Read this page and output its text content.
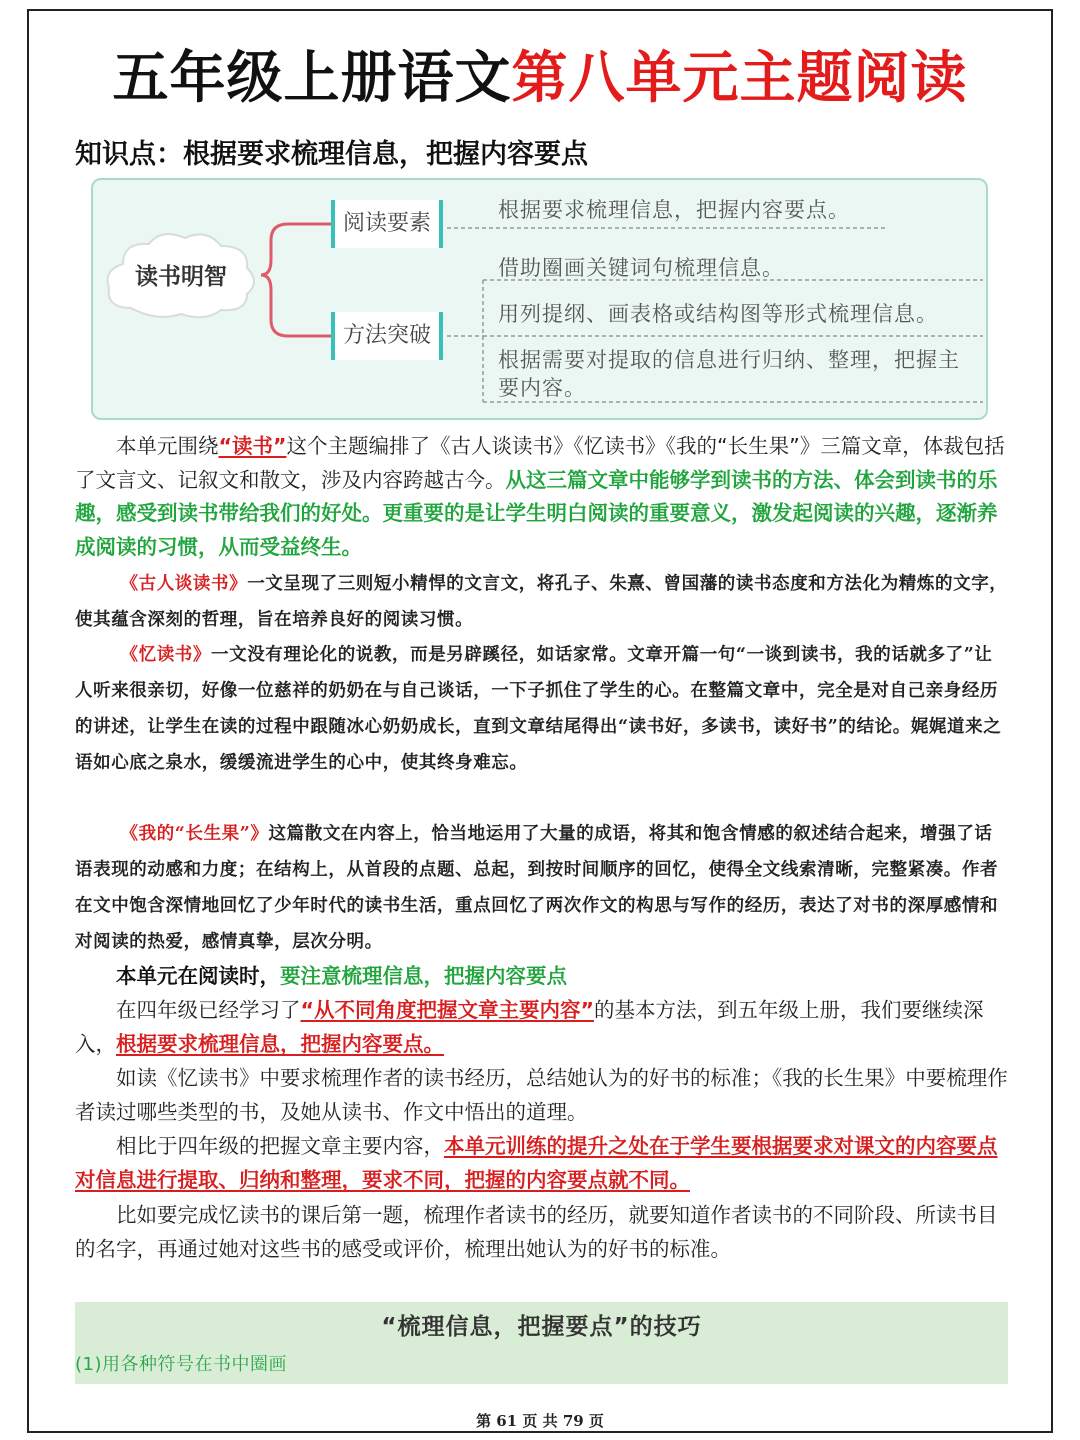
五年级上册语文第八单元主题阅读
知识点：根据要求梳理信息，把握内容要点
读书明智
阅读要素
方法突破
根据要求梳理信息，把握内容要点。
借助圈画关键词句梳理信息。
用列提纲、画表格或结构图等形式梳理信息。
根据需要对提取的信息进行归纳、整理，把握主要内容。

本单元围绕“读书”这个主题编排了《古人谈读书》《忆读书》《我的“长生果”》三篇文章，体裁包括了文言文、记叙文和散文，涉及内容跨越古今。从这三篇文章中能够学到读书的方法、体会到读书的乐趣，感受到读书带给我们的好处。更重要的是让学生明白阅读的重要意义，激发起阅读的兴趣，逐渐养成阅读的习惯，从而受益终生。

《古人谈读书》一文呈现了三则短小精悍的文言文，将孔子、朱熹、曾国藩的读书态度和方法化为精炼的文字，使其蕴含深刻的哲理，旨在培养良好的阅读习惯。

《忆读书》一文没有理论化的说教，而是另辟蹊径，如话家常。文章开篇一句“一谈到读书，我的话就多了”让人听来很亲切，好像一位慈祥的奶奶在与自己谈话，一下子抓住了学生的心。在整篇文章中，完全是对自己亲身经历的讲述，让学生在读的过程中跟随冰心奶奶成长，直到文章结尾得出“读书好，多读书，读好书”的结论。娓娓道来之语如心底之泉水，缓缓流进学生的心中，使其终身难忘。

《我的“长生果”》这篇散文在内容上，恰当地运用了大量的成语，将其和饱含情感的叙述结合起来，增强了话语表现的动感和力度；在结构上，从首段的点题、总起，到按时间顺序的回忆，使得全文线索清晰，完整紧凑。作者在文中饱含深情地回忆了少年时代的读书生活，重点回忆了两次作文的构思与写作的经历，表达了对书的深厚感情和对阅读的热爱，感情真挚，层次分明。

本单元在阅读时，要注意梳理信息，把握内容要点

在四年级已经学习了“从不同角度把握文章主要内容”的基本方法，到五年级上册，我们要继续深入，根据要求梳理信息，把握内容要点。

如读《忆读书》中要求梳理作者的读书经历，总结她认为的好书的标准；《我的长生果》中要梳理作者读过哪些类型的书，及她从读书、作文中悟出的道理。

相比于四年级的把握文章主要内容，本单元训练的提升之处在于学生要根据要求对课文的内容要点对信息进行提取、归纳和整理，要求不同，把握的内容要点就不同。

比如要完成忆读书的课后第一题，梳理作者读书的经历，就要知道作者读书的不同阶段、所读书目的名字，再通过她对这些书的感受或评价，梳理出她认为的好书的标准。

“梳理信息，把握要点”的技巧
(1)用各种符号在书中圈画
第 61 页 共 79 页
